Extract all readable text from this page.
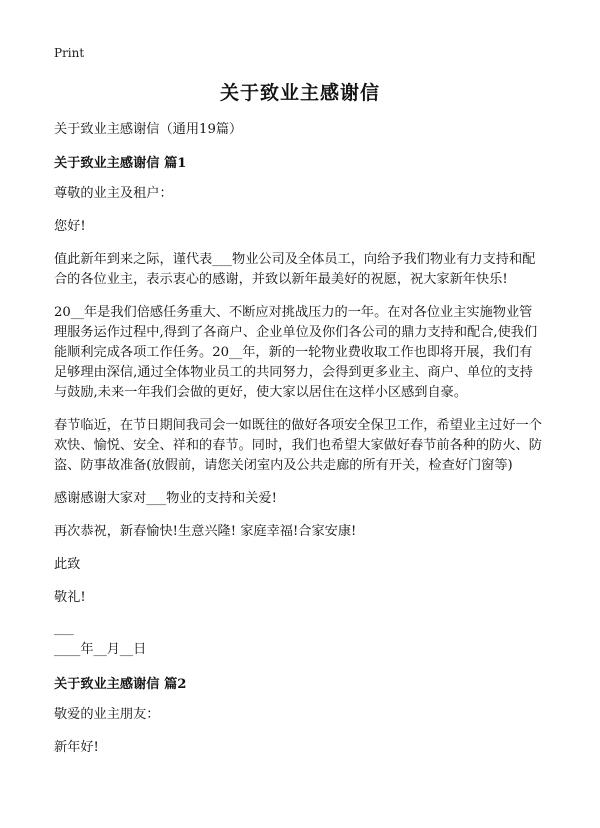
Print
关于致业主感谢信
关于致业主感谢信（通用19篇）
关于致业主感谢信 篇1
尊敬的业主及租户：
您好!
值此新年到来之际，谨代表___物业公司及全体员工，向给予我们物业有力支持和配合的各位业主，表示衷心的感谢，并致以新年最美好的祝愿，祝大家新年快乐!
20__年是我们倍感任务重大、不断应对挑战压力的一年。在对各位业主实施物业管理服务运作过程中,得到了各商户、企业单位及你们各公司的鼎力支持和配合,使我们能顺利完成各项工作任务。20__年，新的一轮物业费收取工作也即将开展，我们有足够理由深信,通过全体物业员工的共同努力，会得到更多业主、商户、单位的支持与鼓励,未来一年我们会做的更好，使大家以居住在这样小区感到自豪。
春节临近，在节日期间我司会一如既往的做好各项安全保卫工作，希望业主过好一个欢快、愉悦、安全、祥和的春节。同时，我们也希望大家做好春节前各种的防火、防盗、防事故准备(放假前，请您关闭室内及公共走廊的所有开关，检查好门窗等)
感谢感谢大家对___物业的支持和关爱!
再次恭祝，新春愉快!生意兴隆! 家庭幸福!合家安康!
此致
敬礼!
___
____年__月__日
关于致业主感谢信 篇2
敬爱的业主朋友：
新年好!
